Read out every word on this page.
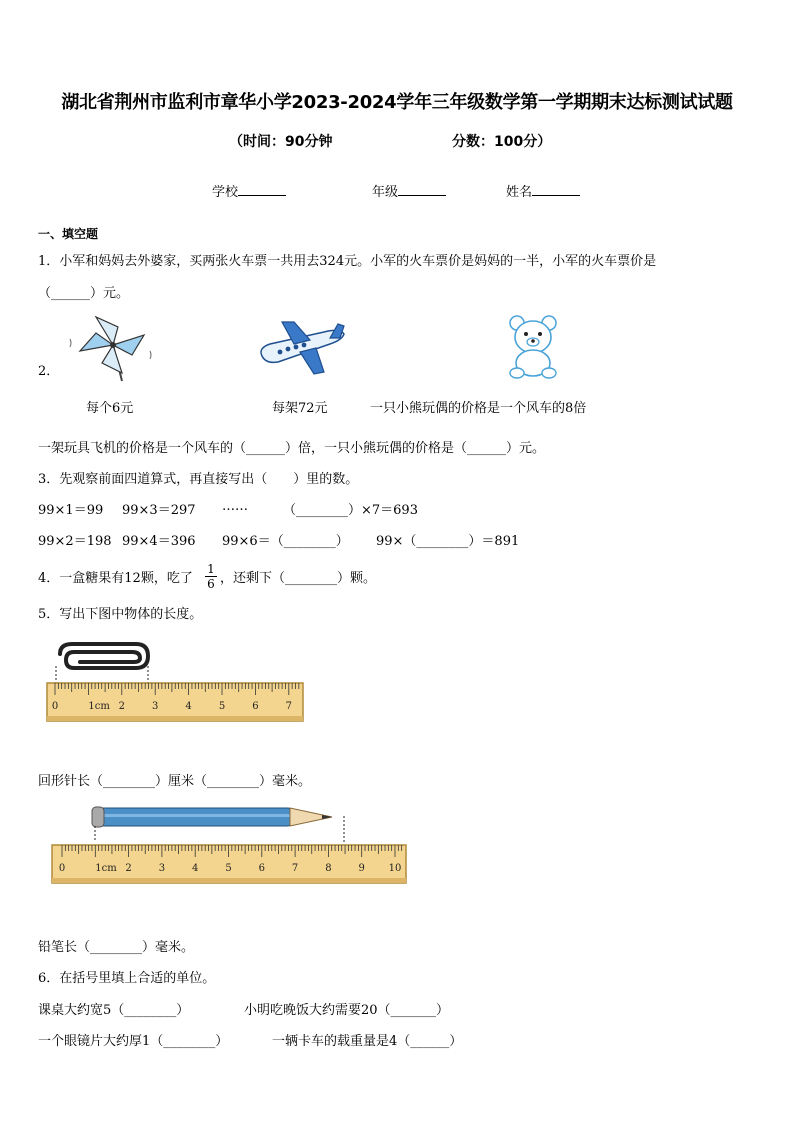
湖北省荆州市监利市章华小学2023-2024学年三年级数学第一学期期末达标测试试题
（时间：90分钟	分数：100分）
学校	年级	姓名
一、填空题
1．小军和妈妈去外婆家，买两张火车票一共用去324元。小军的火车票价是妈妈的一半，小军的火车票价是
（______）元。
2．
每个6元	每架72元	一只小熊玩偶的价格是一个风车的8倍
一架玩具飞机的价格是一个风车的（______）倍，一只小熊玩偶的价格是（______）元。
3．先观察前面四道算式，再直接写出（　　）里的数。
99×1＝99 99×3＝297 ……	（________）×7＝693
99×2＝198 99×4＝396 99×6＝（________） 99×（________）＝891
4．一盒糖果有12颗，吃了 $\frac{1}{6}$ ，还剩下（________）颗。
5．写出下图中物体的长度。
0	1cm 2	3	4	5	6	7
回形针长（________）厘米（________）毫米。
0	1cm 2	3	4	5	6	7	8	9 10
铅笔长（________）毫米。
6．在括号里填上合适的单位。
课桌大约宽5（________）	小明吃晚饭大约需要20（_______）
一个眼镜片大约厚1（________）	一辆卡车的载重量是4（______）
